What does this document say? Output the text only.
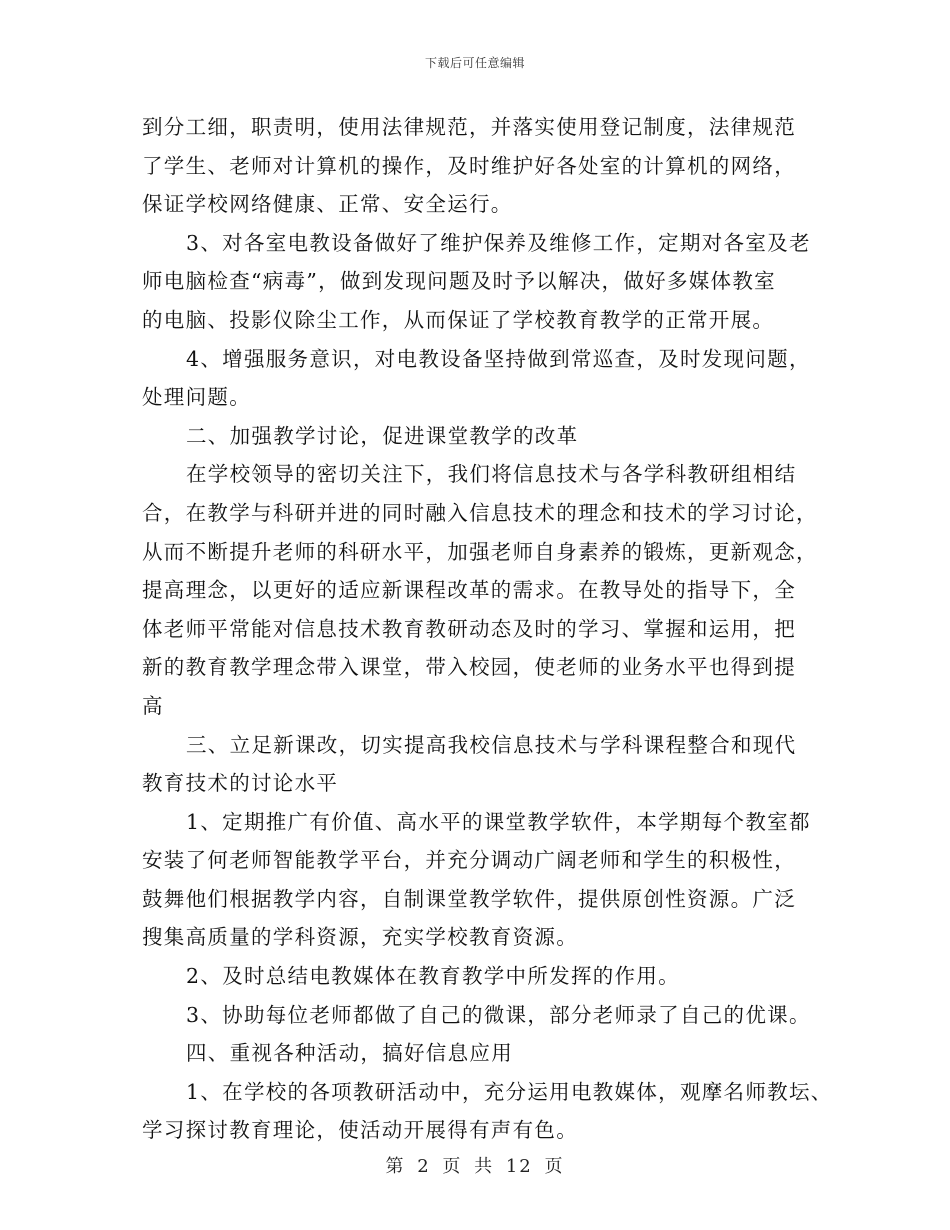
下载后可任意编辑
到分工细，职责明，使用法律规范，并落实使用登记制度，法律规范
了学生、老师对计算机的操作，及时维护好各处室的计算机的网络，
保证学校网络健康、正常、安全运行。
3、对各室电教设备做好了维护保养及维修工作，定期对各室及老
师电脑检查“病毒”，做到发现问题及时予以解决，做好多媒体教室
的电脑、投影仪除尘工作，从而保证了学校教育教学的正常开展。
4、增强服务意识，对电教设备坚持做到常巡查，及时发现问题，
处理问题。
二、加强教学讨论，促进课堂教学的改革
在学校领导的密切关注下，我们将信息技术与各学科教研组相结
合，在教学与科研并进的同时融入信息技术的理念和技术的学习讨论，
从而不断提升老师的科研水平，加强老师自身素养的锻炼，更新观念，
提高理念，以更好的适应新课程改革的需求。在教导处的指导下，全
体老师平常能对信息技术教育教研动态及时的学习、掌握和运用，把
新的教育教学理念带入课堂，带入校园，使老师的业务水平也得到提
高
三、立足新课改，切实提高我校信息技术与学科课程整合和现代
教育技术的讨论水平
1、定期推广有价值、高水平的课堂教学软件，本学期每个教室都
安装了何老师智能教学平台，并充分调动广阔老师和学生的积极性，
鼓舞他们根据教学内容，自制课堂教学软件，提供原创性资源。广泛
搜集高质量的学科资源，充实学校教育资源。
2、及时总结电教媒体在教育教学中所发挥的作用。
3、协助每位老师都做了自己的微课，部分老师录了自己的优课。
四、重视各种活动，搞好信息应用
1、在学校的各项教研活动中，充分运用电教媒体，观摩名师教坛、
学习探讨教育理论，使活动开展得有声有色。
第 2 页 共 12 页
